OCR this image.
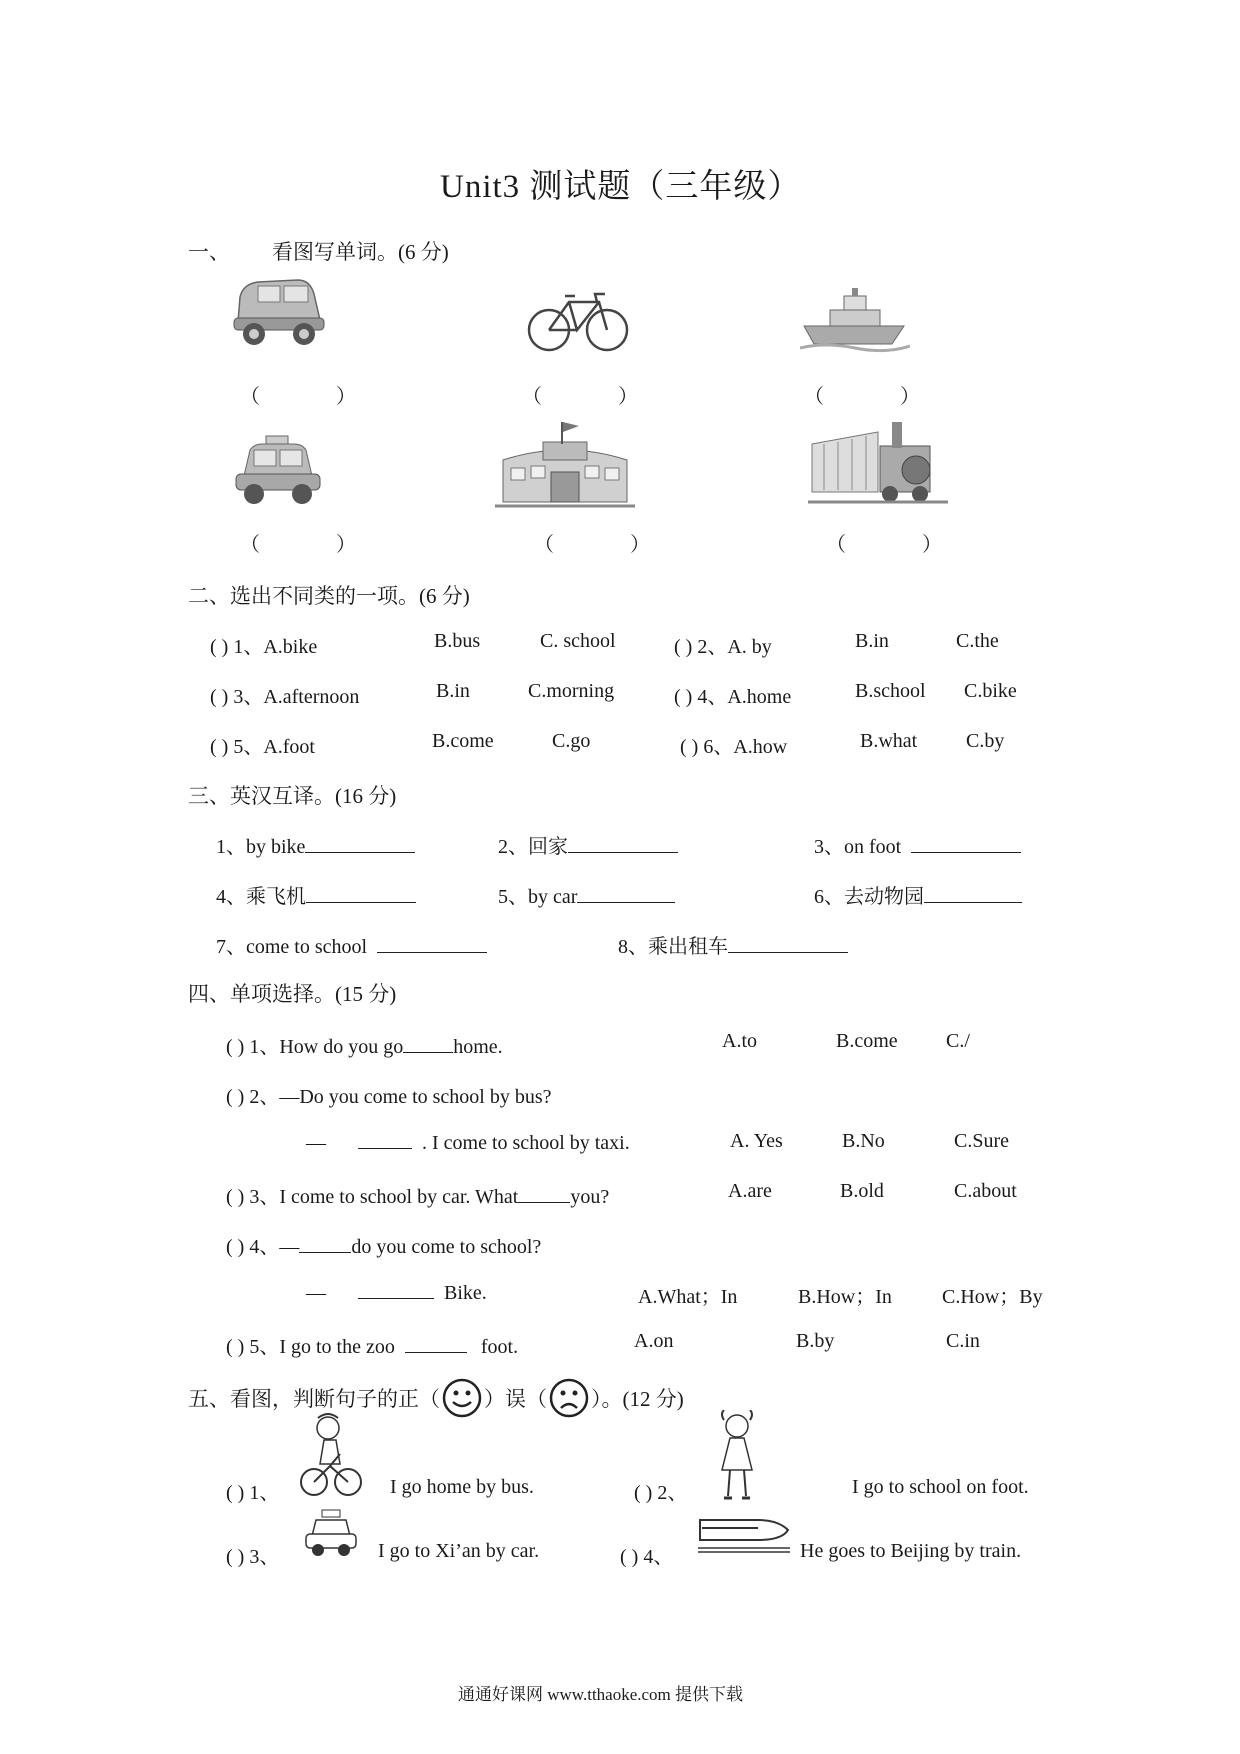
Unit3 测试题（三年级）
一、 看图写单词。(6 分)
（	）	（	）	（	）
（	）	（	）	（	）
二、选出不同类的一项。(6 分)
( ) 1、A.bike	B.bus	C. school	( ) 2、A. by	B.in	C.the
( ) 3、A.afternoon	B.in	C.morning	( ) 4、A.home	B.school C.bike
( ) 5、A.foot	B.come	C.go	( ) 6、A.how	B.what C.by
三、英汉互译。(16 分)
1、by bike	2、回家	3、on foot
4、乘飞机	5、by car	6、去动物园
7、come to school	8、乘出租车
四、单项选择。(15 分)
( ) 1、How do you go	home.	A.to	B.come C./
( ) 2、—Do you come to school by bus?
—	. I come to school by taxi.	A. Yes	B.No	C.Sure
( ) 3、I come to school by car. What	you?	A.are	B.old	C.about
( ) 4、—	do you come to school?
—	Bike.	A.What；In	B.How；In	C.How；By
( ) 5、I go to the zoo	foot.	A.on	B.by	C.in
五、看图，判断句子的正（ ）误（ ）。(12 分)
( ) 1、	I go home by bus.	( ) 2、	I go to school on foot.
( ) 3、	I go to Xi’an by car.	( ) 4、	He goes to Beijing by train.
通通好课网 www.tthaoke.com 提供下载
